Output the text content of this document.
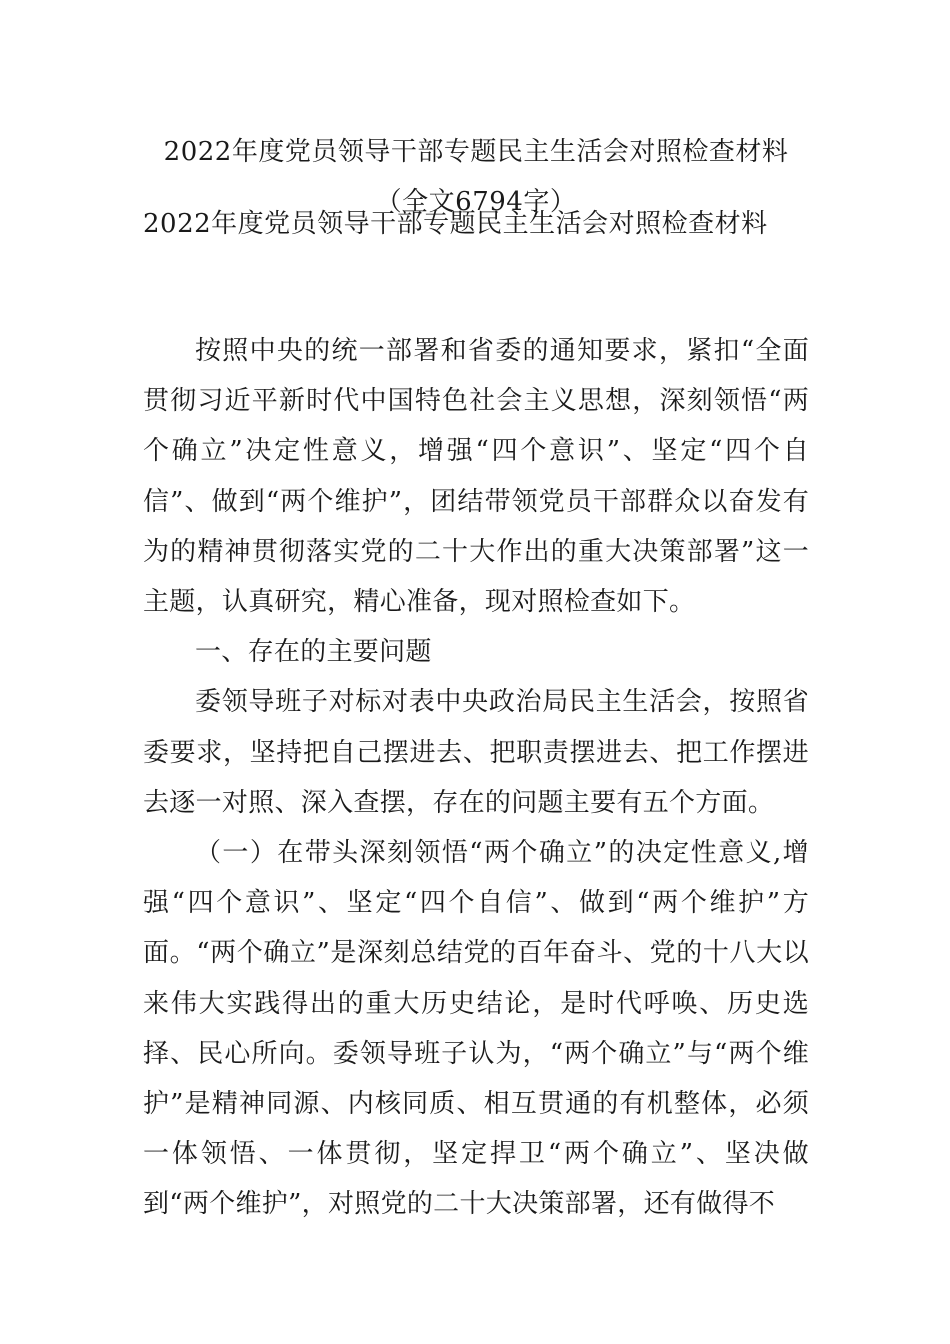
2022年度党员领导干部专题民主生活会对照检查材料（全文6794字）
2022年度党员领导干部专题民主生活会对照检查材料

按照中央的统一部署和省委的通知要求，紧扣“全面贯彻习近平新时代中国特色社会主义思想，深刻领悟“两个确立”决定性意义，增强“四个意识”、坚定“四个自信”、做到“两个维护”，团结带领党员干部群众以奋发有为的精神贯彻落实党的二十大作出的重大决策部署”这一主题，认真研究，精心准备，现对照检查如下。

一、存在的主要问题

委领导班子对标对表中央政治局民主生活会，按照省委要求，坚持把自己摆进去、把职责摆进去、把工作摆进去逐一对照、深入查摆，存在的问题主要有五个方面。

（一）在带头深刻领悟“两个确立”的决定性意义,增强“四个意识”、坚定“四个自信”、做到“两个维护”方面。“两个确立”是深刻总结党的百年奋斗、党的十八大以来伟大实践得出的重大历史结论，是时代呼唤、历史选择、民心所向。委领导班子认为，“两个确立”与“两个维护”是精神同源、内核同质、相互贯通的有机整体，必须一体领悟、一体贯彻，坚定捍卫“两个确立”、坚决做到“两个维护”，对照党的二十大决策部署，还有做得不
